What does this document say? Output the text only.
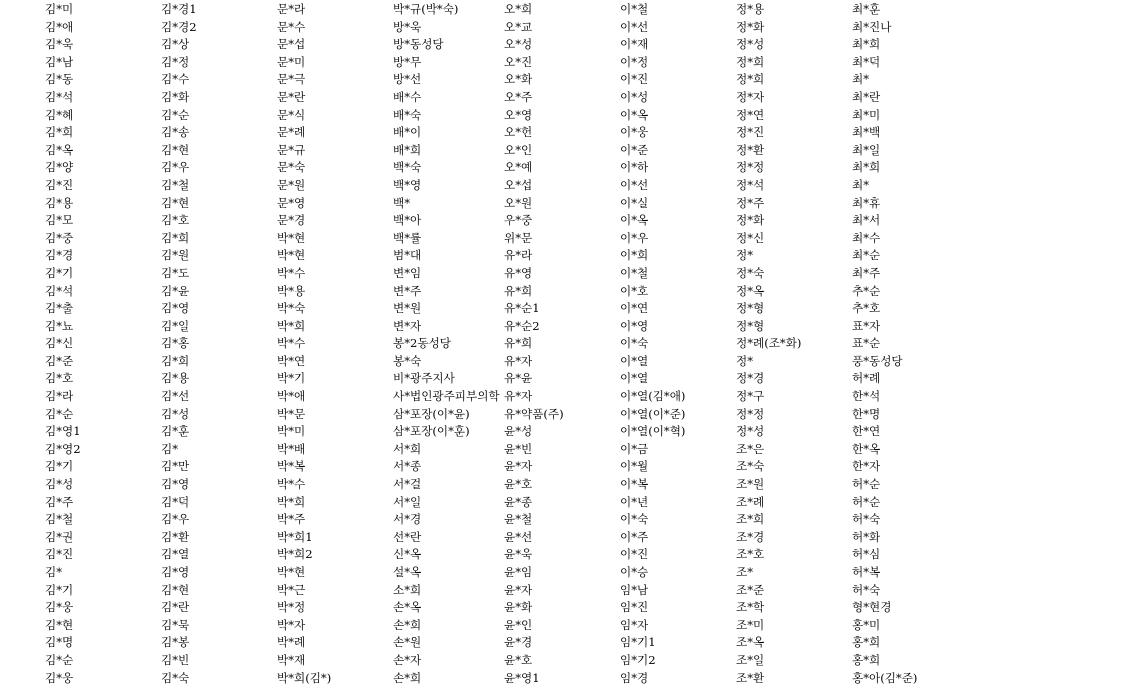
김*미
김*애
김*욱
김*남
김*동
김*석
김*혜
김*희
김*옥
김*양
김*진
김*용
김*모
김*중
김*경
김*기
김*석
김*출
김*뇨
김*신
김*준
김*호
김*라
김*순
김*영1
김*영2
김*기
김*성
김*주
김*철
김*권
김*진
김*
김*기
김*웅
김*현
김*명
김*순
김*웅
김*경1
김*경2
김*상
김*정
김*수
김*화
김*순
김*송
김*현
김*우
김*철
김*현
김*호
김*희
김*원
김*도
김*윤
김*영
김*일
김*홍
김*희
김*용
김*선
김*성
김*훈
김*
김*만
김*영
김*덕
김*우
김*환
김*열
김*영
김*현
김*란
김*묵
김*봉
김*빈
김*숙
문*라
문*수
문*섭
문*미
문*극
문*란
문*식
문*례
문*규
문*숙
문*원
문*영
문*경
박*현
박*현
박*수
박*용
박*숙
박*희
박*수
박*연
박*기
박*애
박*문
박*미
박*배
박*복
박*수
박*희
박*주
박*희1
박*희2
박*현
박*근
박*정
박*자
박*례
박*재
박*희(김*)
박*규(박*숙)
방*욱
방*동성당
방*무
방*선
배*수
배*숙
배*이
배*희
백*숙
백*영
백*
백*아
백*률
범*대
변*임
변*주
변*원
변*자
봉*2동성당
봉*숙
비*광주지사
사*법인광주피부의학
삼*포장(이*윤)
삼*포장(이*훈)
서*희
서*종
서*걸
서*일
서*경
선*란
신*옥
설*옥
소*희
손*옥
손*희
손*원
손*자
손*희
오*희
오*교
오*성
오*진
오*화
오*주
오*영
오*헌
오*인
오*예
오*섭
오*원
우*중
위*문
유*라
유*영
유*희
유*순1
유*순2
유*희
유*자
유*윤
유*자
유*약품(주)
윤*성
윤*빈
윤*자
윤*호
윤*종
윤*철
윤*선
윤*욱
윤*임
윤*자
윤*화
윤*인
윤*경
윤*호
윤*영1
이*철
이*선
이*재
이*정
이*진
이*성
이*옥
이*웅
이*준
이*하
이*선
이*실
이*옥
이*우
이*희
이*철
이*호
이*연
이*영
이*숙
이*열
이*열
이*열(김*애)
이*열(이*준)
이*열(이*혁)
이*금
이*월
이*복
이*년
이*숙
이*주
이*진
이*승
임*남
임*진
임*자
임*기1
임*기2
임*경
정*용
정*화
정*성
정*희
정*희
정*자
정*연
정*진
정*환
정*정
정*석
정*주
정*화
정*신
정*
정*숙
정*옥
정*형
정*형
정*례(조*화)
정*
정*경
정*구
정*정
정*성
조*은
조*숙
조*원
조*례
조*희
조*경
조*호
조*
조*준
조*학
조*미
조*옥
조*일
조*환
최*훈
최*진나
최*희
최*덕
최*
최*란
최*미
최*백
최*일
최*희
최*
최*휴
최*서
최*수
최*순
최*주
추*순
추*호
표*자
표*순
풍*동성당
허*례
한*석
한*명
한*연
한*옥
한*자
허*순
허*순
허*숙
허*화
허*심
허*복
허*숙
형*현경
홍*미
홍*희
홍*희
홍*아(김*준)
